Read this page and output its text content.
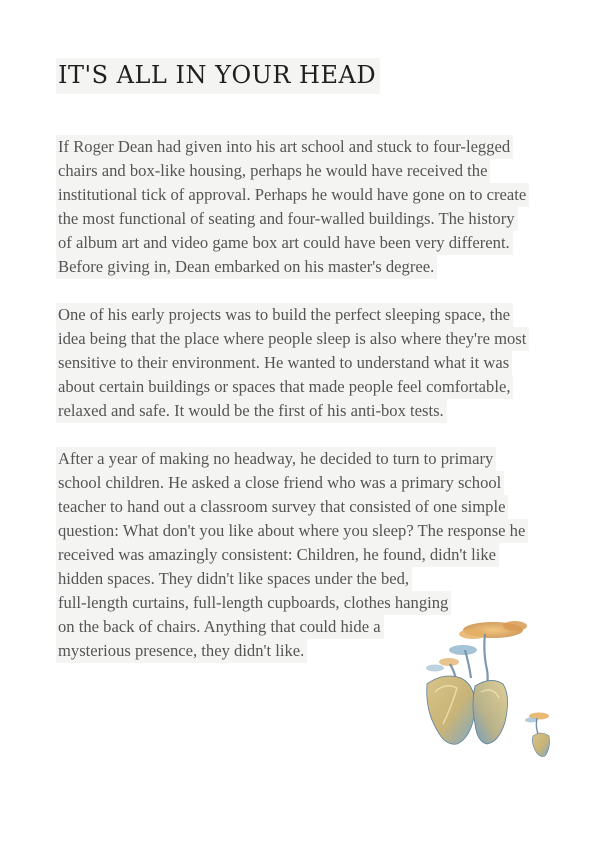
IT'S ALL IN YOUR HEAD
If Roger Dean had given into his art school and stuck to four-legged
chairs and box-like housing, perhaps he would have received the
institutional tick of approval. Perhaps he would have gone on to create
the most functional of seating and four-walled buildings. The history
of album art and video game box art could have been very different.
Before giving in, Dean embarked on his master's degree.
One of his early projects was to build the perfect sleeping space, the
idea being that the place where people sleep is also where they're most
sensitive to their environment. He wanted to understand what it was
about certain buildings or spaces that made people feel comfortable,
relaxed and safe. It would be the first of his anti-box tests.
After a year of making no headway, he decided to turn to primary
school children. He asked a close friend who was a primary school
teacher to hand out a classroom survey that consisted of one simple
question: What don't you like about where you sleep? The response he
received was amazingly consistent: Children, he found, didn't like
hidden spaces. They didn't like spaces under the bed,
full-length curtains, full-length cupboards, clothes hanging
on the back of chairs. Anything that could hide a
mysterious presence, they didn't like.
